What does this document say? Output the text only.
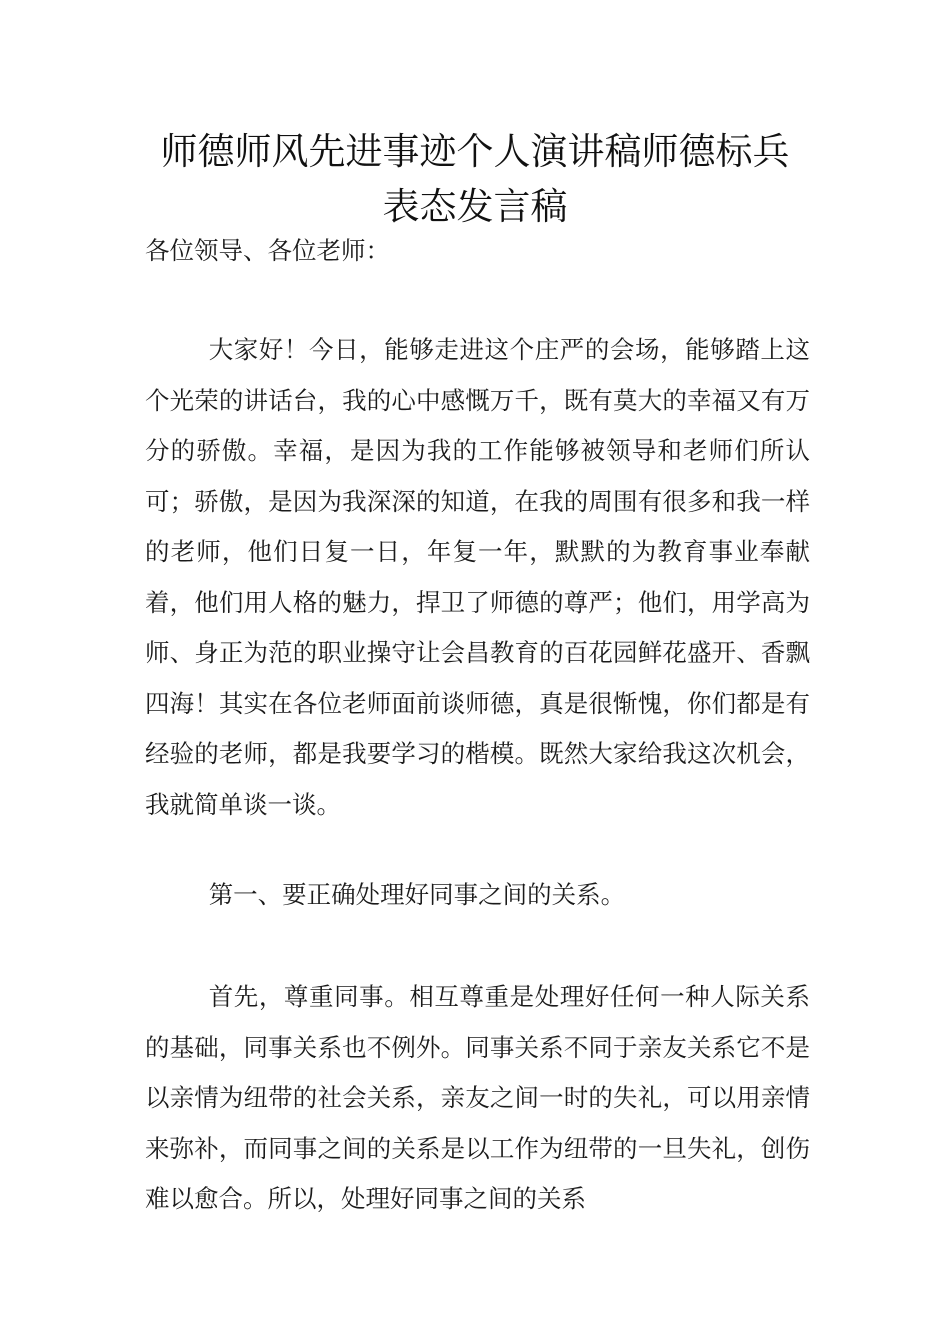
师德师风先进事迹个人演讲稿师德标兵
表态发言稿

各位领导、各位老师：

大家好！今日，能够走进这个庄严的会场，能够踏上这个光荣的讲话台，我的心中感慨万千，既有莫大的幸福又有万分的骄傲。幸福，是因为我的工作能够被领导和老师们所认可；骄傲，是因为我深深的知道，在我的周围有很多和我一样的老师，他们日复一日，年复一年，默默的为教育事业奉献着，他们用人格的魅力，捍卫了师德的尊严；他们，用学高为师、身正为范的职业操守让会昌教育的百花园鲜花盛开、香飘四海！其实在各位老师面前谈师德，真是很惭愧，你们都是有经验的老师，都是我要学习的楷模。既然大家给我这次机会，我就简单谈一谈。

第一、要正确处理好同事之间的关系。

首先，尊重同事。相互尊重是处理好任何一种人际关系的基础，同事关系也不例外。同事关系不同于亲友关系它不是以亲情为纽带的社会关系，亲友之间一时的失礼，可以用亲情来弥补，而同事之间的关系是以工作为纽带的一旦失礼，创伤难以愈合。所以，处理好同事之间的关系
